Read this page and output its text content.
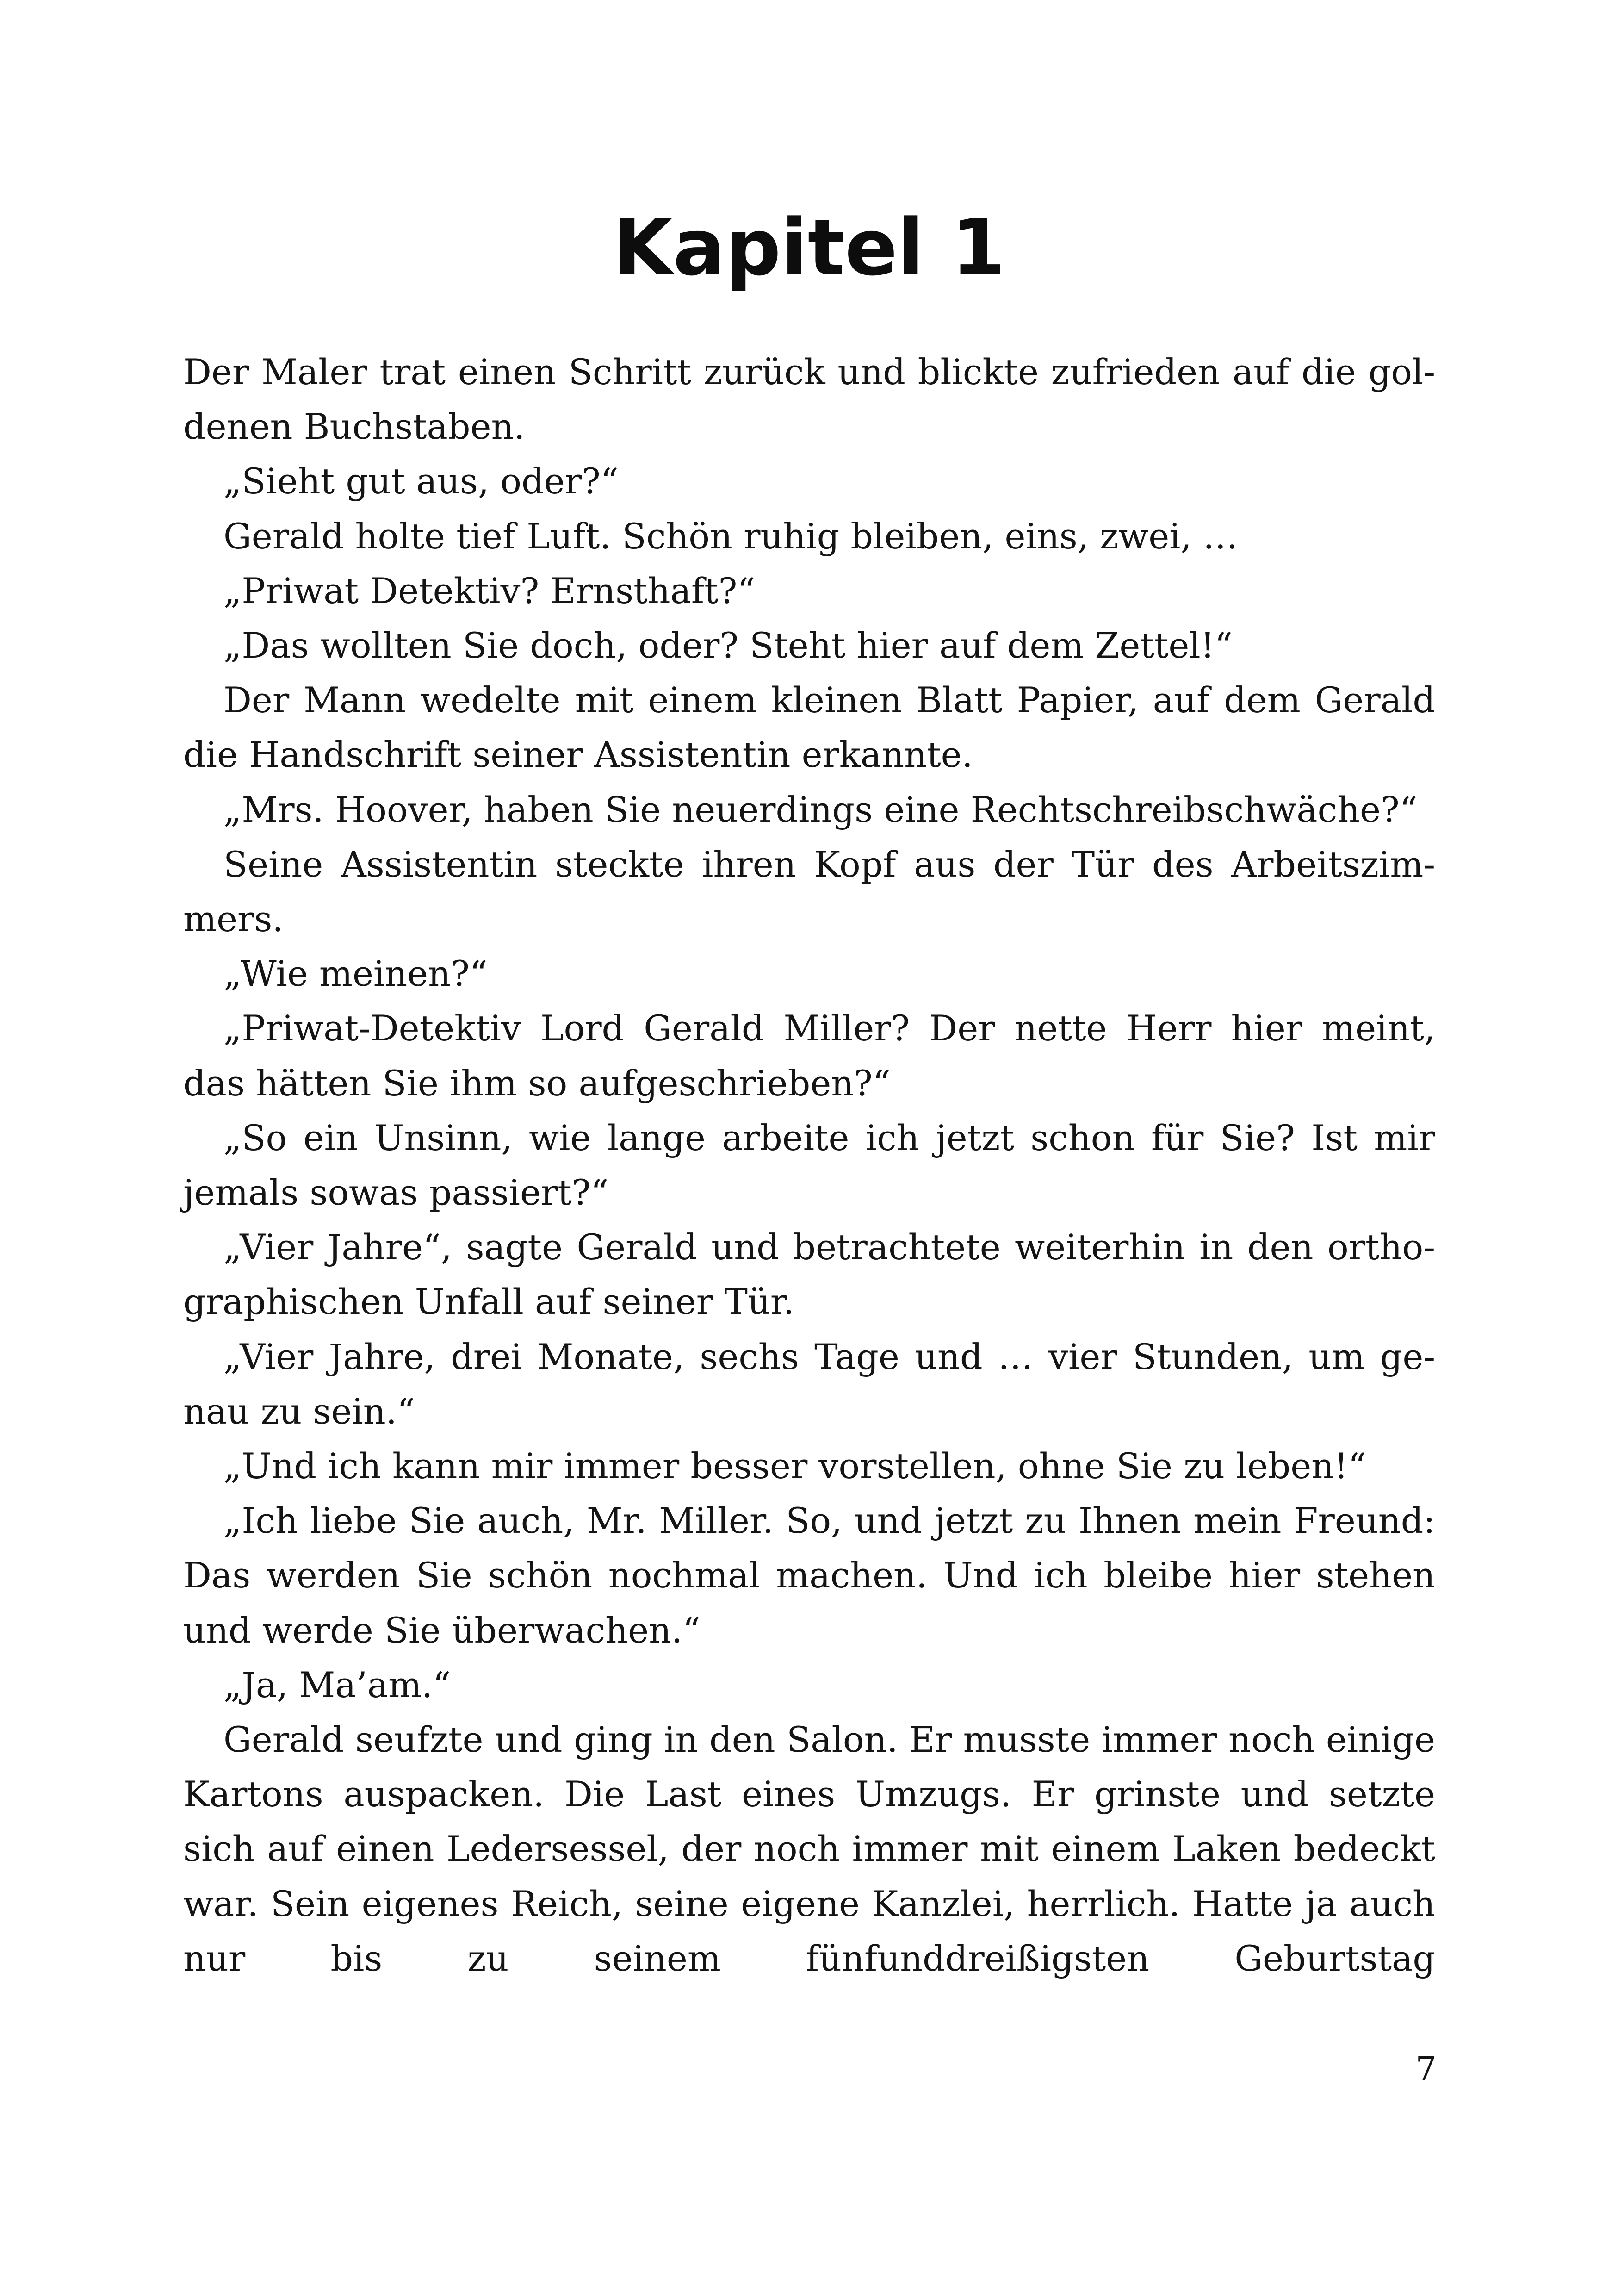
Kapitel 1

Der Maler trat einen Schritt zurück und blickte zufrieden auf die goldenen Buchstaben.

„Sieht gut aus, oder?“

Gerald holte tief Luft. Schön ruhig bleiben, eins, zwei, …

„Priwat Detektiv? Ernsthaft?“

„Das wollten Sie doch, oder? Steht hier auf dem Zettel!“

Der Mann wedelte mit einem kleinen Blatt Papier, auf dem Gerald die Handschrift seiner Assistentin erkannte.

„Mrs. Hoover, haben Sie neuerdings eine Rechtschreibschwäche?“

Seine Assistentin steckte ihren Kopf aus der Tür des Arbeitszimmers.

„Wie meinen?“

„Priwat-Detektiv Lord Gerald Miller? Der nette Herr hier meint, das hätten Sie ihm so aufgeschrieben?“

„So ein Unsinn, wie lange arbeite ich jetzt schon für Sie? Ist mir jemals sowas passiert?“

„Vier Jahre“, sagte Gerald und betrachtete weiterhin in den orthographischen Unfall auf seiner Tür.

„Vier Jahre, drei Monate, sechs Tage und … vier Stunden, um genau zu sein.“

„Und ich kann mir immer besser vorstellen, ohne Sie zu leben!“

„Ich liebe Sie auch, Mr. Miller. So, und jetzt zu Ihnen mein Freund: Das werden Sie schön nochmal machen. Und ich bleibe hier stehen und werde Sie überwachen.“

„Ja, Ma’am.“

Gerald seufzte und ging in den Salon. Er musste immer noch einige Kartons auspacken. Die Last eines Umzugs. Er grinste und setzte sich auf einen Ledersessel, der noch immer mit einem Laken bedeckt war. Sein eigenes Reich, seine eigene Kanzlei, herrlich. Hatte ja auch nur bis zu seinem fünfunddreißigsten Geburtstag

7
